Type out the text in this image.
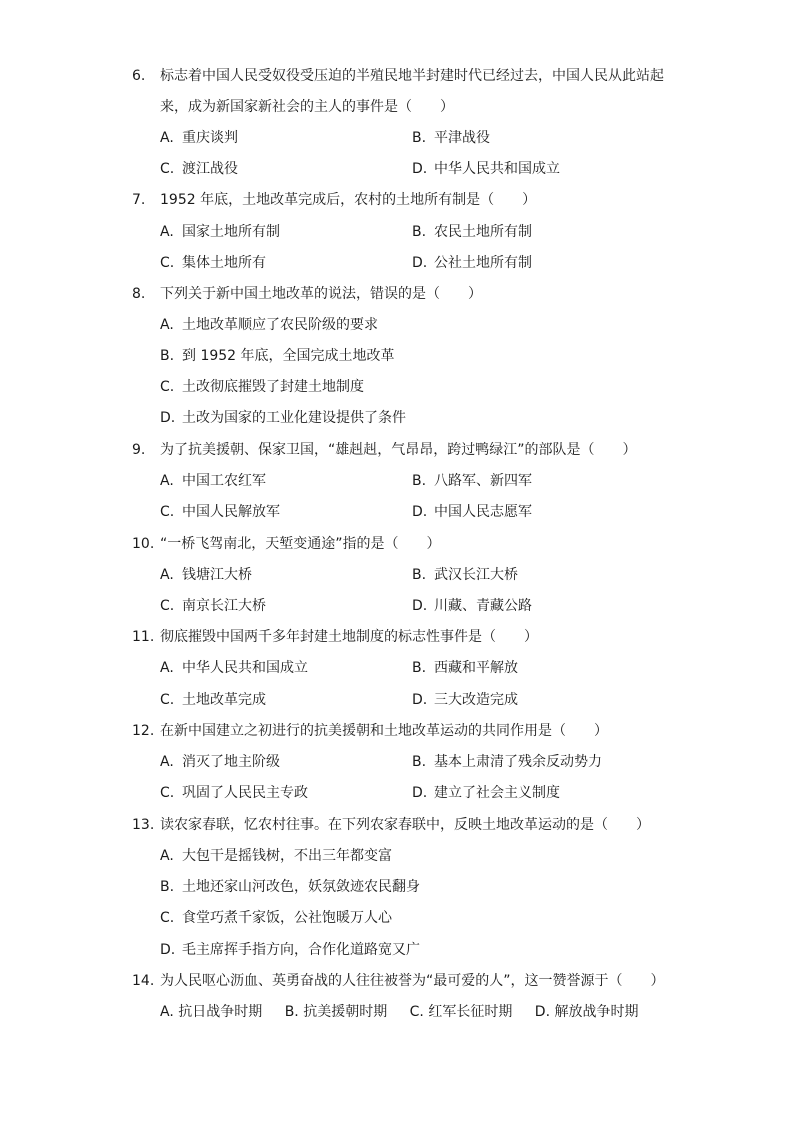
6.	标志着中国人民受奴役受压迫的半殖民地半封建时代已经过去，中国人民从此站起来，成为新国家新社会的主人的事件是（　　）
A. 重庆谈判	B. 平津战役
C. 渡江战役	D. 中华人民共和国成立
7.	1952 年底，土地改革完成后，农村的土地所有制是（　　）
A. 国家土地所有制	B. 农民土地所有制
C. 集体土地所有	D. 公社土地所有制
8.	下列关于新中国土地改革的说法，错误的是（　　）
A. 土地改革顺应了农民阶级的要求
B. 到 1952 年底，全国完成土地改革
C. 土改彻底摧毁了封建土地制度
D. 土改为国家的工业化建设提供了条件
9.	为了抗美援朝、保家卫国，“雄赳赳，气昂昂，跨过鸭绿江”的部队是（　　）
A. 中国工农红军	B. 八路军、新四军
C. 中国人民解放军	D. 中国人民志愿军
10. “一桥飞驾南北，天堑变通途”指的是（　　）
A. 钱塘江大桥	B. 武汉长江大桥
C. 南京长江大桥	D. 川藏、青藏公路
11. 彻底摧毁中国两千多年封建土地制度的标志性事件是（　　）
A. 中华人民共和国成立	B. 西藏和平解放
C. 土地改革完成	D. 三大改造完成
12. 在新中国建立之初进行的抗美援朝和土地改革运动的共同作用是（　　）
A. 消灭了地主阶级	B. 基本上肃清了残余反动势力
C. 巩固了人民民主专政	D. 建立了社会主义制度
13. 读农家春联，忆农村往事。在下列农家春联中，反映土地改革运动的是（　　）
A. 大包干是摇钱树，不出三年都变富
B. 土地还家山河改色，妖氛敛迹农民翻身
C. 食堂巧煮千家饭，公社饱暖万人心
D. 毛主席挥手指方向，合作化道路宽又广
14. 为人民呕心沥血、英勇奋战的人往往被誉为“最可爱的人”，这一赞誉源于（　　）
A. 抗日战争时期 B. 抗美援朝时期 C. 红军长征时期 D. 解放战争时期
